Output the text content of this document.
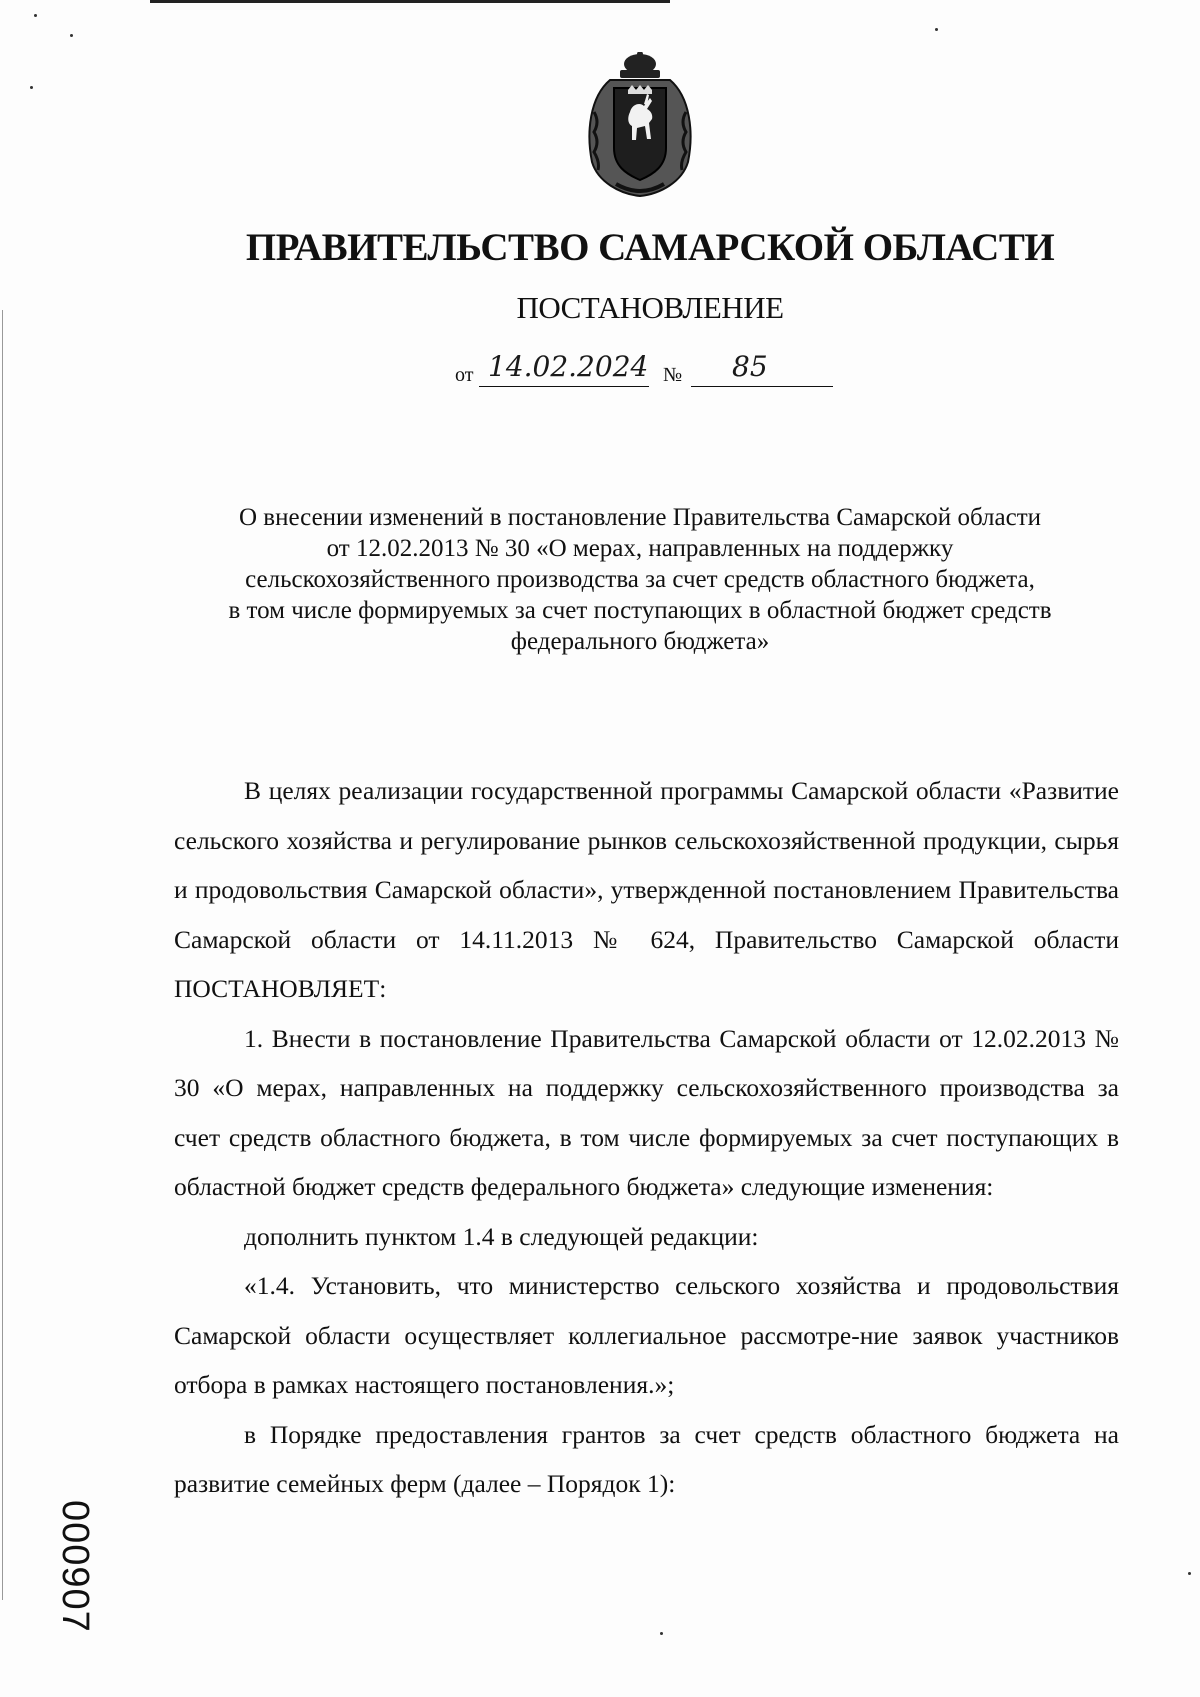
ПРАВИТЕЛЬСТВО САМАРСКОЙ ОБЛАСТИ
ПОСТАНОВЛЕНИЕ
от 14.02.2024 № 85
О внесении изменений в постановление Правительства Самарской области
от 12.02.2013 № 30 «О мерах, направленных на поддержку
сельскохозяйственного производства за счет средств областного бюджета,
в том числе формируемых за счет поступающих в областной бюджет средств
федерального бюджета»

В целях реализации государственной программы Самарской области «Развитие сельского хозяйства и регулирование рынков сельскохозяйственной продукции, сырья и продовольствия Самарской области», утвержденной постановлением Правительства Самарской области от 14.11.2013 № 624, Правительство Самарской области ПОСТАНОВЛЯЕТ:

1. Внести в постановление Правительства Самарской области от 12.02.2013 № 30 «О мерах, направленных на поддержку сельскохозяйственного производства за счет средств областного бюджета, в том числе формируемых за счет поступающих в областной бюджет средств федерального бюджета» следующие изменения:

дополнить пунктом 1.4 в следующей редакции:

«1.4. Установить, что министерство сельского хозяйства и продовольствия Самарской области осуществляет коллегиальное рассмотре-ние заявок участников отбора в рамках настоящего постановления.»;

в Порядке предоставления грантов за счет средств областного бюджета на развитие семейных ферм (далее – Порядок 1):

000907
